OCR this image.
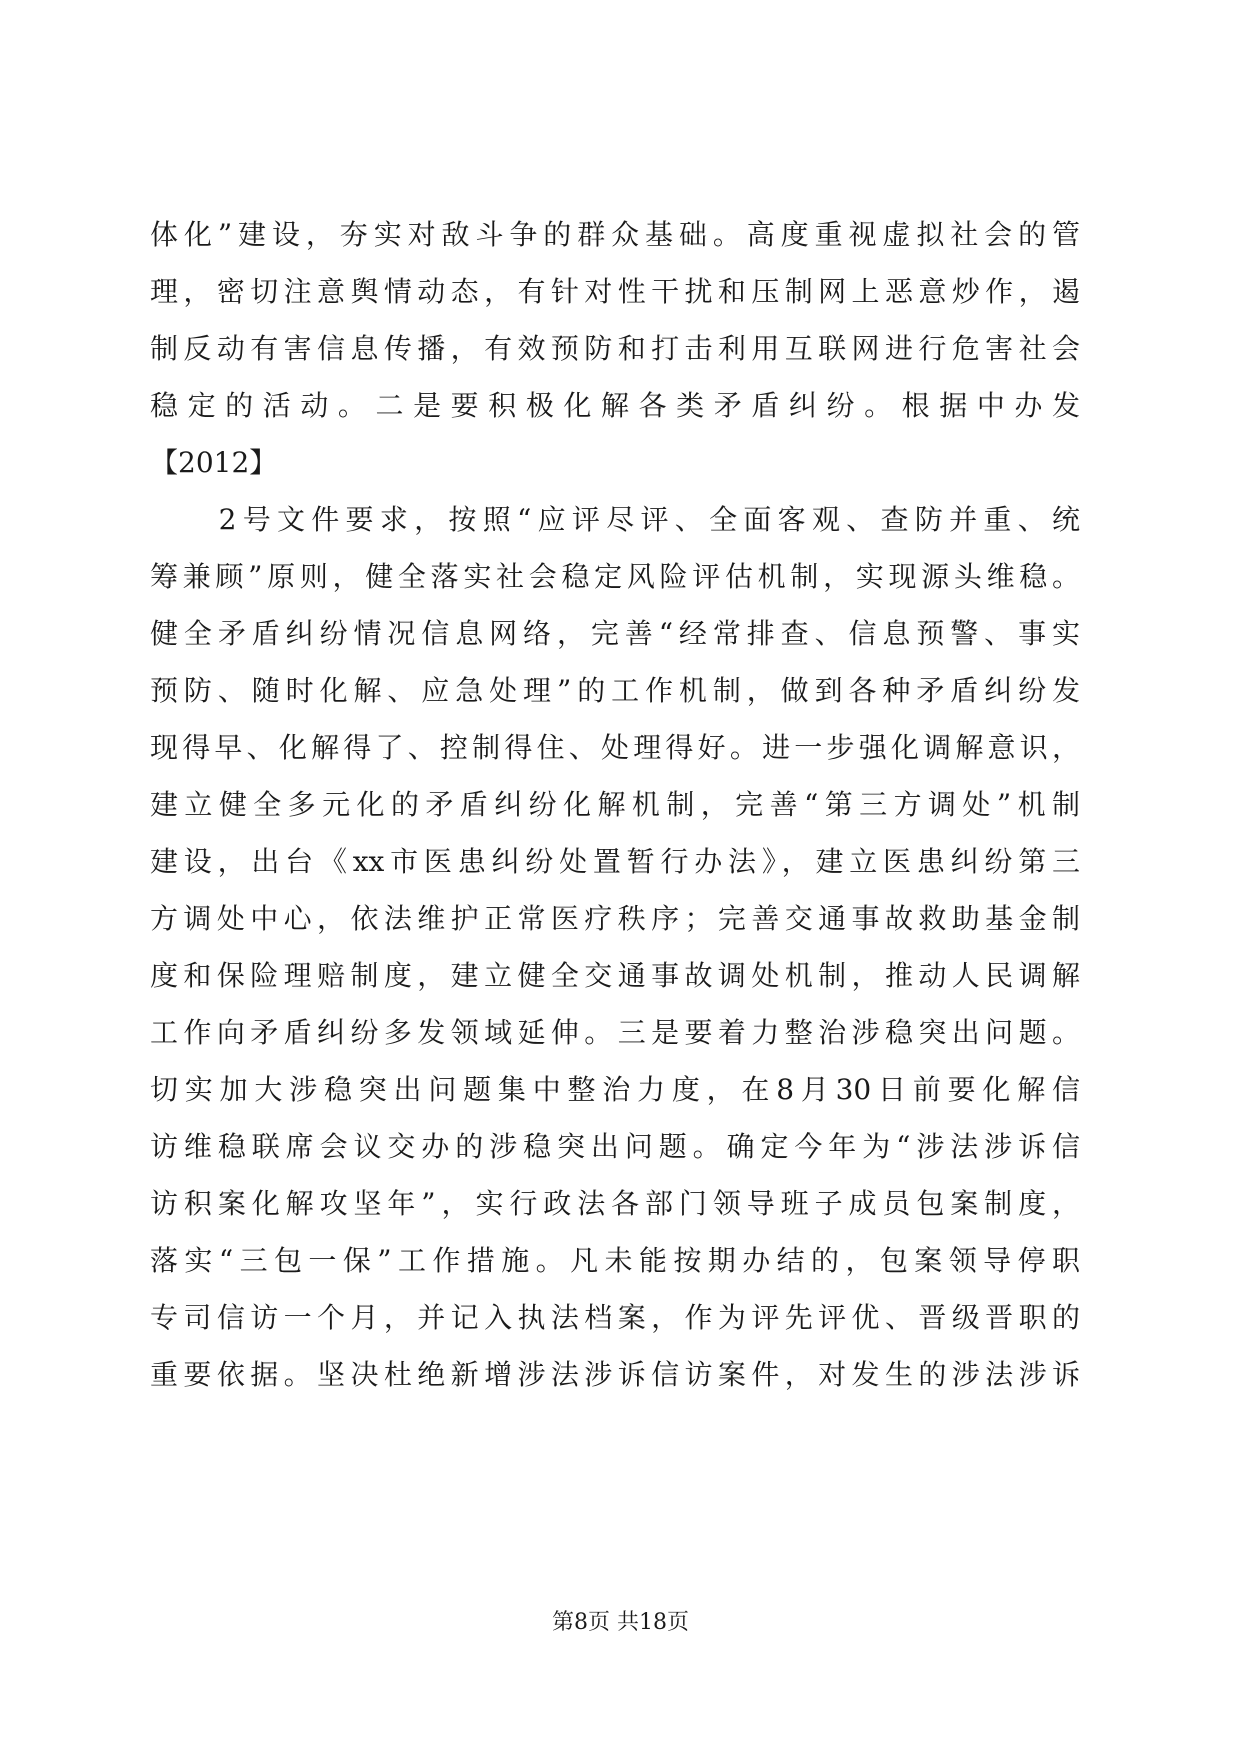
体化”建设，夯实对敌斗争的群众基础。高度重视虚拟社会的管
理，密切注意舆情动态，有针对性干扰和压制网上恶意炒作，遏
制反动有害信息传播，有效预防和打击利用互联网进行危害社会
稳定的活动。二是要积极化解各类矛盾纠纷。根据中办发
【2012】
　　2号文件要求，按照“应评尽评、全面客观、查防并重、统
筹兼顾”原则，健全落实社会稳定风险评估机制，实现源头维稳。
健全矛盾纠纷情况信息网络，完善“经常排查、信息预警、事实
预防、随时化解、应急处理”的工作机制，做到各种矛盾纠纷发
现得早、化解得了、控制得住、处理得好。进一步强化调解意识，
建立健全多元化的矛盾纠纷化解机制，完善“第三方调处”机制
建设，出台《xx市医患纠纷处置暂行办法》，建立医患纠纷第三
方调处中心，依法维护正常医疗秩序；完善交通事故救助基金制
度和保险理赔制度，建立健全交通事故调处机制，推动人民调解
工作向矛盾纠纷多发领域延伸。三是要着力整治涉稳突出问题。
切实加大涉稳突出问题集中整治力度，在8月30日前要化解信
访维稳联席会议交办的涉稳突出问题。确定今年为“涉法涉诉信
访积案化解攻坚年”，实行政法各部门领导班子成员包案制度，
落实“三包一保”工作措施。凡未能按期办结的，包案领导停职
专司信访一个月，并记入执法档案，作为评先评优、晋级晋职的
重要依据。坚决杜绝新增涉法涉诉信访案件，对发生的涉法涉诉
第8页 共18页
